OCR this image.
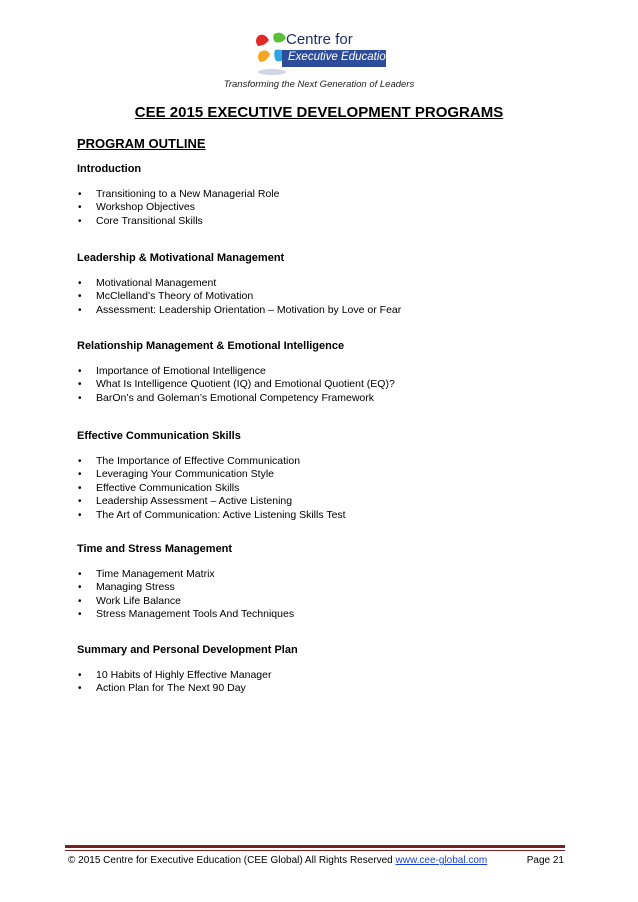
Centre for
Executive Education
Transforming the Next Generation of Leaders
CEE 2015 EXECUTIVE DEVELOPMENT PROGRAMS
PROGRAM OUTLINE
Introduction
• Transitioning to a New Managerial Role
• Workshop Objectives
• Core Transitional Skills
Leadership & Motivational Management
• Motivational Management
• McClelland’s Theory of Motivation
• Assessment: Leadership Orientation – Motivation by Love or Fear
Relationship Management & Emotional Intelligence
• Importance of Emotional Intelligence
• What Is Intelligence Quotient (IQ) and Emotional Quotient (EQ)?
• BarOn’s and Goleman’s Emotional Competency Framework
Effective Communication Skills
• The Importance of Effective Communication
• Leveraging Your Communication Style
• Effective Communication Skills
• Leadership Assessment – Active Listening
• The Art of Communication: Active Listening Skills Test
Time and Stress Management
• Time Management Matrix
• Managing Stress
• Work Life Balance
• Stress Management Tools And Techniques
Summary and Personal Development Plan
• 10 Habits of Highly Effective Manager
• Action Plan for The Next 90 Day
© 2015 Centre for Executive Education (CEE Global) All Rights Reserved www.cee-global.com	Page 21
